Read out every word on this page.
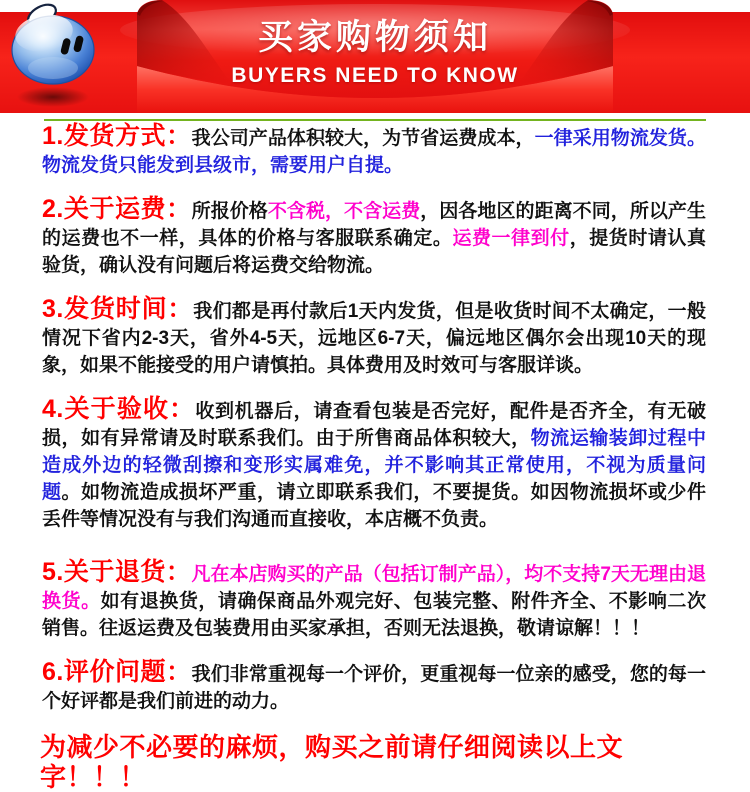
买家购物须知
BUYERS NEED TO KNOW

1.发货方式：我公司产品体积较大，为节省运费成本，一律采用物流发货。物流发货只能发到县级市，需要用户自提。

2.关于运费：所报价格不含税，不含运费，因各地区的距离不同，所以产生的运费也不一样，具体的价格与客服联系确定。运费一律到付，提货时请认真验货，确认没有问题后将运费交给物流。

3.发货时间：我们都是再付款后1天内发货，但是收货时间不太确定，一般情况下省内2-3天，省外4-5天，远地区6-7天，偏远地区偶尔会出现10天的现象，如果不能接受的用户请慎拍。具体费用及时效可与客服详谈。

4.关于验收：收到机器后，请查看包装是否完好，配件是否齐全，有无破损，如有异常请及时联系我们。由于所售商品体积较大，物流运输装卸过程中造成外边的轻微刮擦和变形实属难免，并不影响其正常使用，不视为质量问题。如物流造成损坏严重，请立即联系我们，不要提货。如因物流损坏或少件丢件等情况没有与我们沟通而直接收，本店概不负责。

5.关于退货：凡在本店购买的产品（包括订制产品），均不支持7天无理由退换货。如有退换货，请确保商品外观完好、包装完整、附件齐全、不影响二次销售。往返运费及包装费用由买家承担，否则无法退换，敬请谅解！！！

6.评价问题：我们非常重视每一个评价，更重视每一位亲的感受，您的每一个好评都是我们前进的动力。

为减少不必要的麻烦，购买之前请仔细阅读以上文字！！！
